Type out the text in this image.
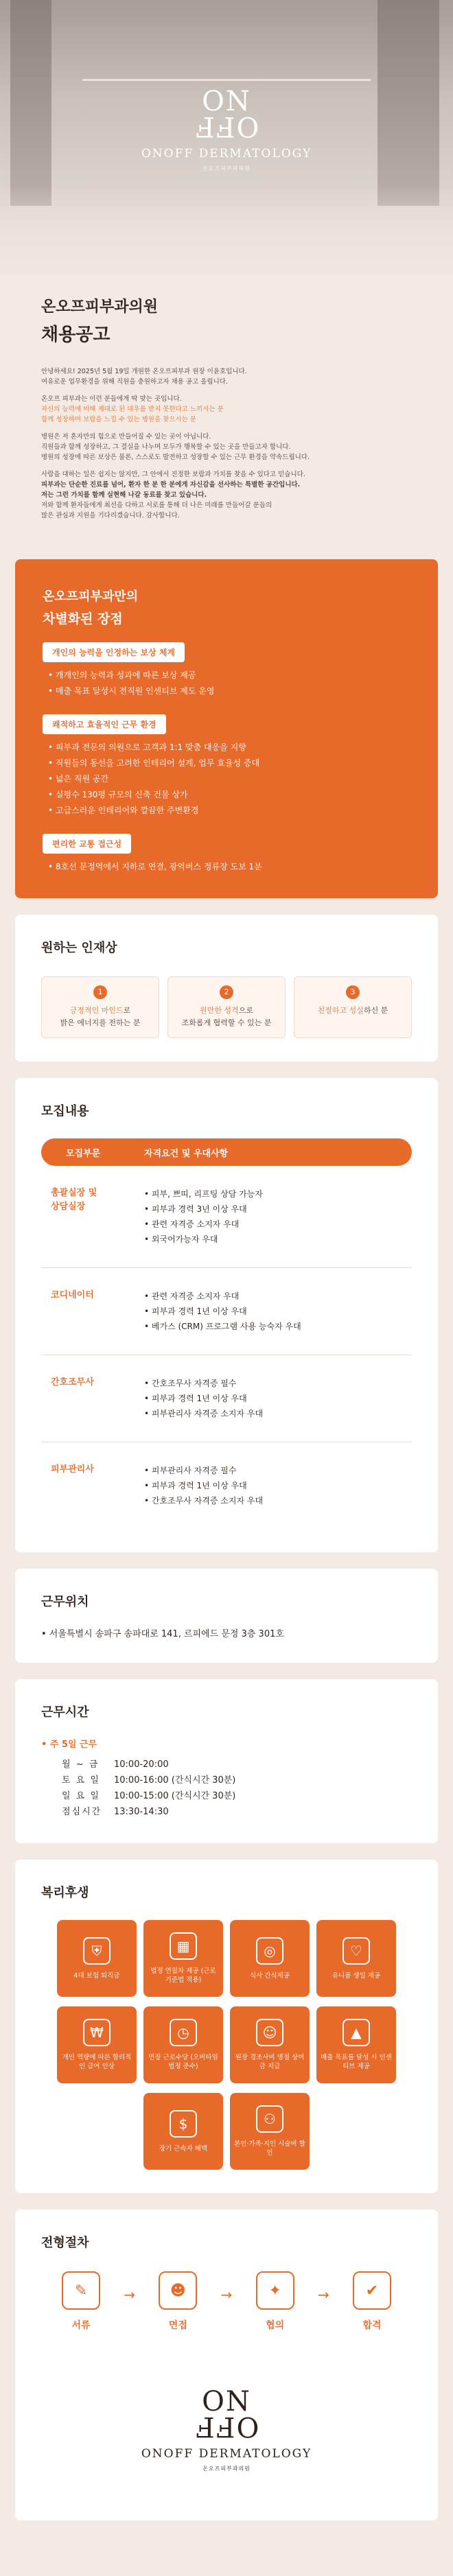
ON
OFF
ONOFF DERMATOLOGY
온오프피부과의원
온오프피부과의원
채용공고

안녕하세요! 2025년 5월 19일 개원한 온오프피부과 원장 이윤호입니다.
여유로운 업무환경을 위해 직원을 충원하고자 채용 공고 올립니다.

온오프 피부과는 이런 분들에게 딱 맞는 곳입니다.
자신의 능력에 비해 제대로 된 대우를 받지 못한다고 느끼시는 분
함께 성장하며 보람을 느낄 수 있는 병원을 찾으시는 분

병원은 저 혼자만의 힘으로 만들어질 수 있는 곳이 아닙니다.
직원들과 함께 성장하고, 그 결실을 나누며 모두가 행복할 수 있는 곳을 만들고자 합니다.
병원의 성장에 따른 보상은 물론, 스스로도 발전하고 성장할 수 있는 근무 환경을 약속드립니다.

사람을 대하는 일은 쉽지는 않지만, 그 안에서 진정한 보람과 가치를 찾을 수 있다고 믿습니다.
피부과는 단순한 진료를 넘어, 환자 한 분 한 분에게 자신감을 선사하는 특별한 공간입니다.
저는 그런 가치를 함께 실현해 나갈 동료를 찾고 있습니다.
저와 함께 환자들에게 최선을 다하고 서로를 통해 더 나은 미래를 만들어갈 분들의
많은 관심과 지원을 기다리겠습니다. 감사합니다.

온오프피부과만의
차별화된 장점
개인의 능력을 인정하는 보상 체계
• 개개인의 능력과 성과에 따른 보상 제공
• 매출 목표 달성시 전직원 인센티브 제도 운영
쾌적하고 효율적인 근무 환경
• 피부과 전문의 의원으로 고객과 1:1 맞춤 대응을 지향
• 직원들의 동선을 고려한 인테리어 설계, 업무 효율성 증대
• 넓은 직원 공간
• 실평수 130평 규모의 신축 건물 상가
• 고급스러운 인테리어와 깔끔한 주변환경
편리한 교통 접근성
• 8호선 문정역에서 지하로 연결, 광역버스 정류장 도보 1분
원하는 인재상
1
긍정적인 마인드로
밝은 에너지를 전하는 분
2
원만한 성격으로
조화롭게 협력할 수 있는 분
3
친절하고 성실하신 분
모집내용
모집부문	자격요건 및 우대사항
총괄실장 및
상담실장
• 피부, 쁘띠, 리프팅 상담 가능자
• 피부과 경력 3년 이상 우대
• 관련 자격증 소지자 우대
• 외국어가능자 우대
코디네이터	• 관련 자격증 소지자 우대
• 피부과 경력 1년 이상 우대
• 베가스 (CRM) 프로그램 사용 능숙자 우대
간호조무사	• 간호조무사 자격증 필수
• 피부과 경력 1년 이상 우대
• 피부관리사 자격증 소지자 우대
피부관리사	• 피부관리사 자격증 필수
• 피부과 경력 1년 이상 우대
• 간호조무사 자격증 소지자 우대
근무위치
• 서울특별시 송파구 송파대로 141, 르피에드 문정 3층 301호
근무시간
• 주 5일 근무
월 ~ 금	10:00-20:00
토 요 일	10:00-16:00 (간식시간 30분)
일 요 일	10:00-15:00 (간식시간 30분)
점심시간	13:30-14:30
복리후생
⛨
4대 보험 퇴직금
▦
법정 연월차 제공 (근로 기준법 적용)
◎
식사 간식제공
♡
유니폼 생일 제공
₩
개인 역량에 따른 합리적인 급여 인상
◷
연장 근로수당 (오버타임 법정 준수)
☺
원장 경조사비 명절 상여금 지급
▲
매출 목표를 달성 시 인센티브 제공
$
장기 근속자 혜택
⚇
본인·가족·지인 시술비 할인
전형절차
✎
서류
→	☻
면접
→	✦
협의
→	✔
합격
ON
OFF
ONOFF DERMATOLOGY
온오프피부과의원
